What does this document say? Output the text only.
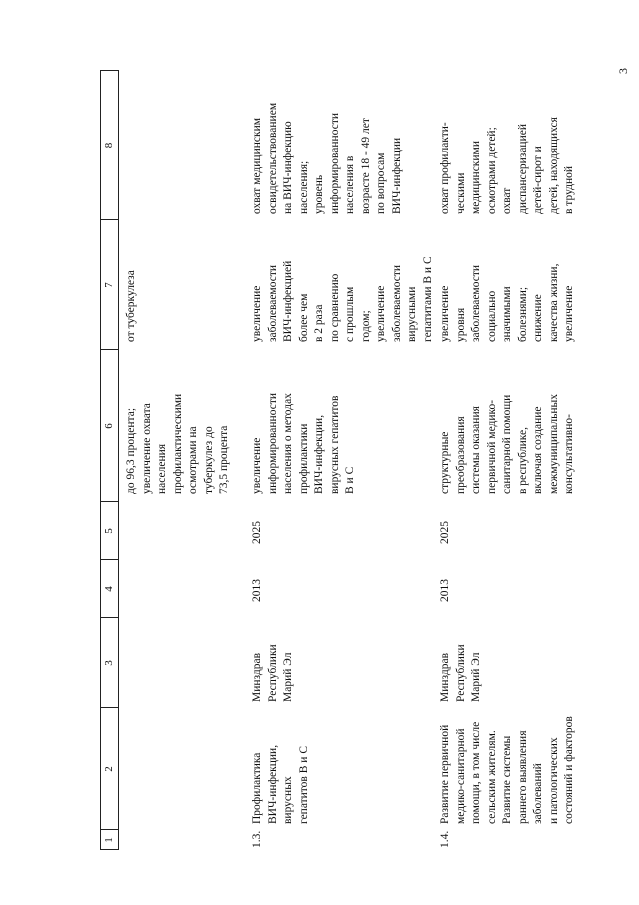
3
1
2
3
4
5
6
7
8
до 96,3 процента; увеличение охвата населения профилактическими осмотрами на туберкулез до 73,5 процента
от туберкулеза
1.3.
Профилактика ВИЧ-инфекции, вирусных гепатитов В и С
Минздрав Республики Марий Эл
2013
2025
увеличение информированности населения о методах профилактики ВИЧ-инфекции, вирусных гепатитов В и С
увеличение заболеваемости ВИЧ-инфекцией более чем в 2 раза по сравнению с прошлым годом; увеличение заболеваемости вирусными гепатитами В и С
охват медицинским освидетельствованием на ВИЧ-инфекцию населения; уровень информированности населения в возрасте 18 - 49 лет по вопросам ВИЧ-инфекции
1.4.
Развитие первичной медико-санитарной помощи, в том числе сельским жителям. Развитие системы раннего выявления заболеваний и патологических состояний и факторов
Минздрав Республики Марий Эл
2013
2025
структурные преобразования системы оказания первичной медико- санитарной помощи в республике, включая создание межмуниципальных консультативно-
увеличение уровня заболеваемости социально значимыми болезнями; снижение качества жизни, увеличение
охват профилакти- ческими медицинскими осмотрами детей; охват диспансеризацией детей-сирот и детей, находящихся в трудной
